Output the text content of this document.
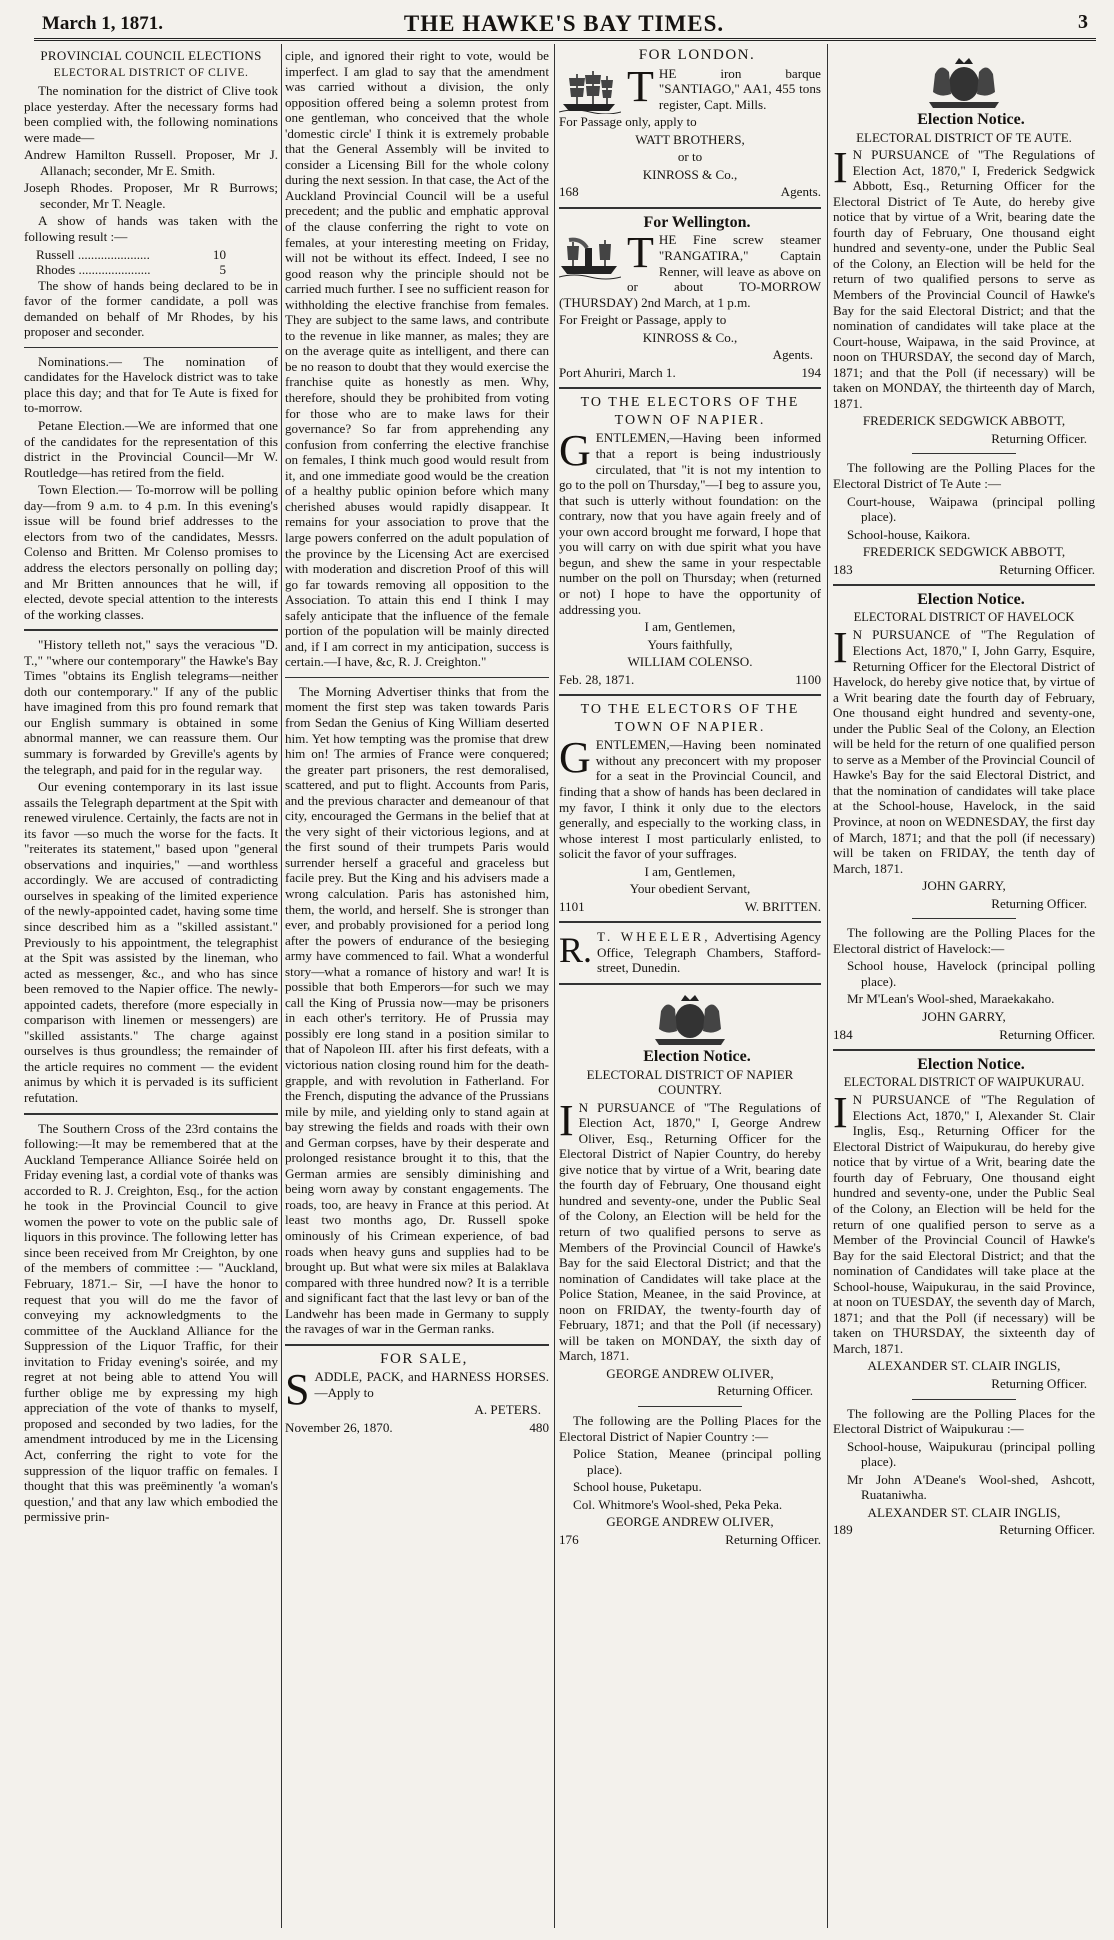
March 1, 1871.	THE HAWKE'S BAY TIMES.	3

PROVINCIAL COUNCIL ELECTIONS

ELECTORAL DISTRICT OF CLIVE.

The nomination for the district of Clive took place yesterday. After the necessary forms had been complied with, the following nominations were made—

Andrew Hamilton Russell. Proposer, Mr J. Allanach; seconder, Mr E. Smith.

Joseph Rhodes. Proposer, Mr R Burrows; seconder, Mr T. Neagle.

A show of hands was taken with the following result :—

Russell ......................	10
Rhodes ......................	5

The show of hands being declared to be in favor of the former candidate, a poll was demanded on behalf of Mr Rhodes, by his proposer and seconder.

Nominations.— The nomination of candidates for the Havelock district was to take place this day; and that for Te Aute is fixed for to-morrow.

Petane Election.—We are informed that one of the candidates for the representation of this district in the Provincial Council—Mr W. Routledge—has retired from the field.

Town Election.— To-morrow will be polling day—from 9 a.m. to 4 p.m. In this evening's issue will be found brief addresses to the electors from two of the candidates, Messrs. Colenso and Britten. Mr Colenso promises to address the electors personally on polling day; and Mr Britten announces that he will, if elected, devote special attention to the interests of the working classes.

"History telleth not," says the veracious "D. T.," "where our contemporary" the Hawke's Bay Times "obtains its English telegrams—neither doth our contemporary." If any of the public have imagined from this pro found remark that our English summary is obtained in some abnormal manner, we can reassure them. Our summary is forwarded by Greville's agents by the telegraph, and paid for in the regular way.

Our evening contemporary in its last issue assails the Telegraph department at the Spit with renewed virulence. Certainly, the facts are not in its favor —so much the worse for the facts. It "reiterates its statement," based upon "general observations and inquiries," —and worthless accordingly. We are accused of contradicting ourselves in speaking of the limited experience of the newly-appointed cadet, having some time since described him as a "skilled assistant." Previously to his appointment, the telegraphist at the Spit was assisted by the lineman, who acted as messenger, &c., and who has since been removed to the Napier office. The newly-appointed cadets, therefore (more especially in comparison with linemen or messengers) are "skilled assistants." The charge against ourselves is thus groundless; the remainder of the article requires no comment — the evident animus by which it is pervaded is its sufficient refutation.

The Southern Cross of the 23rd contains the following:—It may be remembered that at the Auckland Temperance Alliance Soirée held on Friday evening last, a cordial vote of thanks was accorded to R. J. Creighton, Esq., for the action he took in the Provincial Council to give women the power to vote on the public sale of liquors in this province. The following letter has since been received from Mr Creighton, by one of the members of committee :— "Auckland, February, 1871.– Sir, —I have the honor to request that you will do me the favor of conveying my acknowledgments to the committee of the Auckland Alliance for the Suppression of the Liquor Traffic, for their invitation to Friday evening's soirée, and my regret at not being able to attend You will further oblige me by expressing my high appreciation of the vote of thanks to myself, proposed and seconded by two ladies, for the amendment introduced by me in the Licensing Act, conferring the right to vote for the suppression of the liquor traffic on females. I thought that this was preëminently 'a woman's question,' and that any law which embodied the permissive prin-

ciple, and ignored their right to vote, would be imperfect. I am glad to say that the amendment was carried without a division, the only opposition offered being a solemn protest from one gentleman, who conceived that the whole 'domestic circle' I think it is extremely probable that the General Assembly will be invited to consider a Licensing Bill for the whole colony during the next session. In that case, the Act of the Auckland Provincial Council will be a useful precedent; and the public and emphatic approval of the clause conferring the right to vote on females, at your interesting meeting on Friday, will not be without its effect. Indeed, I see no good reason why the principle should not be carried much further. I see no sufficient reason for withholding the elective franchise from females. They are subject to the same laws, and contribute to the revenue in like manner, as males; they are on the average quite as intelligent, and there can be no reason to doubt that they would exercise the franchise quite as honestly as men. Why, therefore, should they be prohibited from voting for those who are to make laws for their governance? So far from apprehending any confusion from conferring the elective franchise on females, I think much good would result from it, and one immediate good would be the creation of a healthy public opinion before which many cherished abuses would rapidly disappear. It remains for your association to prove that the large powers conferred on the adult population of the province by the Licensing Act are exercised with moderation and discretion Proof of this will go far towards removing all opposition to the Association. To attain this end I think I may safely anticipate that the influence of the female portion of the population will be mainly directed and, if I am correct in my anticipation, success is certain.—I have, &c, R. J. Creighton."

The Morning Advertiser thinks that from the moment the first step was taken towards Paris from Sedan the Genius of King William deserted him. Yet how tempting was the promise that drew him on! The armies of France were conquered; the greater part prisoners, the rest demoralised, scattered, and put to flight. Accounts from Paris, and the previous character and demeanour of that city, encouraged the Germans in the belief that at the very sight of their victorious legions, and at the first sound of their trumpets Paris would surrender herself a graceful and graceless but facile prey. But the King and his advisers made a wrong calculation. Paris has astonished him, them, the world, and herself. She is stronger than ever, and probably provisioned for a period long after the powers of endurance of the besieging army have commenced to fail. What a wonderful story—what a romance of history and war! It is possible that both Emperors—for such we may call the King of Prussia now—may be prisoners in each other's territory. He of Prussia may possibly ere long stand in a position similar to that of Napoleon III. after his first defeats, with a victorious nation closing round him for the death-grapple, and with revolution in Fatherland. For the French, disputing the advance of the Prussians mile by mile, and yielding only to stand again at bay strewing the fields and roads with their own and German corpses, have by their desperate and prolonged resistance brought it to this, that the German armies are sensibly diminishing and being worn away by constant engagements. The roads, too, are heavy in France at this period. At least two months ago, Dr. Russell spoke ominously of his Crimean experience, of bad roads when heavy guns and supplies had to be brought up. But what were six miles at Balaklava compared with three hundred now? It is a terrible and significant fact that the last levy or ban of the Landwehr has been made in Germany to supply the ravages of war in the German ranks.

FOR SALE,

SADDLE, PACK, and HARNESS HORSES.—Apply to

A. PETERS.

November 26, 1870.	480

FOR LONDON.

THE iron barque "SANTIAGO," AA1, 455 tons register, Capt. Mills.

For Passage only, apply to

WATT BROTHERS,

or to

KINROSS & Co.,

168	Agents.

For Wellington.

THE Fine screw steamer "RANGATIRA," Captain Renner, will leave as above on or about TO-MORROW (THURSDAY) 2nd March, at 1 p.m.

For Freight or Passage, apply to

KINROSS & Co.,

Agents.

Port Ahuriri, March 1.	194

TO THE ELECTORS OF THE

TOWN OF NAPIER.

GENTLEMEN,—Having been informed that a report is being industriously circulated, that "it is not my intention to go to the poll on Thursday,"—I beg to assure you, that such is utterly without foundation: on the contrary, now that you have again freely and of your own accord brought me forward, I hope that you will carry on with due spirit what you have begun, and shew the same in your respectable number on the poll on Thursday; when (returned or not) I hope to have the opportunity of addressing you.

I am, Gentlemen,

Yours faithfully,

WILLIAM COLENSO.

Feb. 28, 1871.	1100

TO THE ELECTORS OF THE

TOWN OF NAPIER.

GENTLEMEN,—Having been nominated without any preconcert with my proposer for a seat in the Provincial Council, and finding that a show of hands has been declared in my favor, I think it only due to the electors generally, and especially to the working class, in whose interest I most particularly enlisted, to solicit the favor of your suffrages.

I am, Gentlemen,

Your obedient Servant,

1101	W. BRITTEN.

R. T. WHEELER, Advertising Agency Office, Telegraph Chambers, Stafford-street, Dunedin.

Election Notice.

ELECTORAL DISTRICT OF NAPIER COUNTRY.

I N PURSUANCE of "The Regulations of Election Act, 1870," I, George Andrew Oliver, Esq., Returning Officer for the Electoral District of Napier Country, do hereby give notice that by virtue of a Writ, bearing date the fourth day of February, One thousand eight hundred and seventy-one, under the Public Seal of the Colony, an Election will be held for the return of two qualified persons to serve as Members of the Provincial Council of Hawke's Bay for the said Electoral District; and that the nomination of Candidates will take place at the Police Station, Meanee, in the said Province, at noon on FRIDAY, the twenty-fourth day of February, 1871; and that the Poll (if necessary) will be taken on MONDAY, the sixth day of March, 1871.

GEORGE ANDREW OLIVER,

Returning Officer.

The following are the Polling Places for the Electoral District of Napier Country :—

Police Station, Meanee (principal polling place).

School house, Puketapu.

Col. Whitmore's Wool-shed, Peka Peka.

GEORGE ANDREW OLIVER,

176	Returning Officer.

Election Notice.

ELECTORAL DISTRICT OF TE AUTE.

I N PURSUANCE of "The Regulations of Election Act, 1870," I, Frederick Sedgwick Abbott, Esq., Returning Officer for the Electoral District of Te Aute, do hereby give notice that by virtue of a Writ, bearing date the fourth day of February, One thousand eight hundred and seventy-one, under the Public Seal of the Colony, an Election will be held for the return of two qualified persons to serve as Members of the Provincial Council of Hawke's Bay for the said Electoral District; and that the nomination of candidates will take place at the Court-house, Waipawa, in the said Province, at noon on THURSDAY, the second day of March, 1871; and that the Poll (if necessary) will be taken on MONDAY, the thirteenth day of March, 1871.

FREDERICK SEDGWICK ABBOTT,

Returning Officer.

The following are the Polling Places for the Electoral District of Te Aute :—

Court-house, Waipawa (principal polling place).

School-house, Kaikora.

FREDERICK SEDGWICK ABBOTT,

183	Returning Officer.

Election Notice.

ELECTORAL DISTRICT OF HAVELOCK

I N PURSUANCE of "The Regulation of Elections Act, 1870," I, John Garry, Esquire, Returning Officer for the Electoral District of Havelock, do hereby give notice that, by virtue of a Writ bearing date the fourth day of February, One thousand eight hundred and seventy-one, under the Public Seal of the Colony, an Election will be held for the return of one qualified person to serve as a Member of the Provincial Council of Hawke's Bay for the said Electoral District, and that the nomination of candidates will take place at the School-house, Havelock, in the said Province, at noon on WEDNESDAY, the first day of March, 1871; and that the poll (if necessary) will be taken on FRIDAY, the tenth day of March, 1871.

JOHN GARRY,

Returning Officer.

The following are the Polling Places for the Electoral district of Havelock:—

School house, Havelock (principal polling place).

Mr M'Lean's Wool-shed, Maraekakaho.

JOHN GARRY,

184	Returning Officer.

Election Notice.

ELECTORAL DISTRICT OF WAIPUKURAU.

I N PURSUANCE of "The Regulation of Elections Act, 1870," I, Alexander St. Clair Inglis, Esq., Returning Officer for the Electoral District of Waipukurau, do hereby give notice that by virtue of a Writ, bearing date the fourth day of February, One thousand eight hundred and seventy-one, under the Public Seal of the Colony, an Election will be held for the return of one qualified person to serve as a Member of the Provincial Council of Hawke's Bay for the said Electoral District; and that the nomination of Candidates will take place at the School-house, Waipukurau, in the said Province, at noon on TUESDAY, the seventh day of March, 1871; and that the Poll (if necessary) will be taken on THURSDAY, the sixteenth day of March, 1871.

ALEXANDER ST. CLAIR INGLIS,

Returning Officer.

The following are the Polling Places for the Electoral District of Waipukurau :—

School-house, Waipukurau (principal polling place).

Mr John A'Deane's Wool-shed, Ashcott, Ruataniwha.

ALEXANDER ST. CLAIR INGLIS,

189	Returning Officer.
